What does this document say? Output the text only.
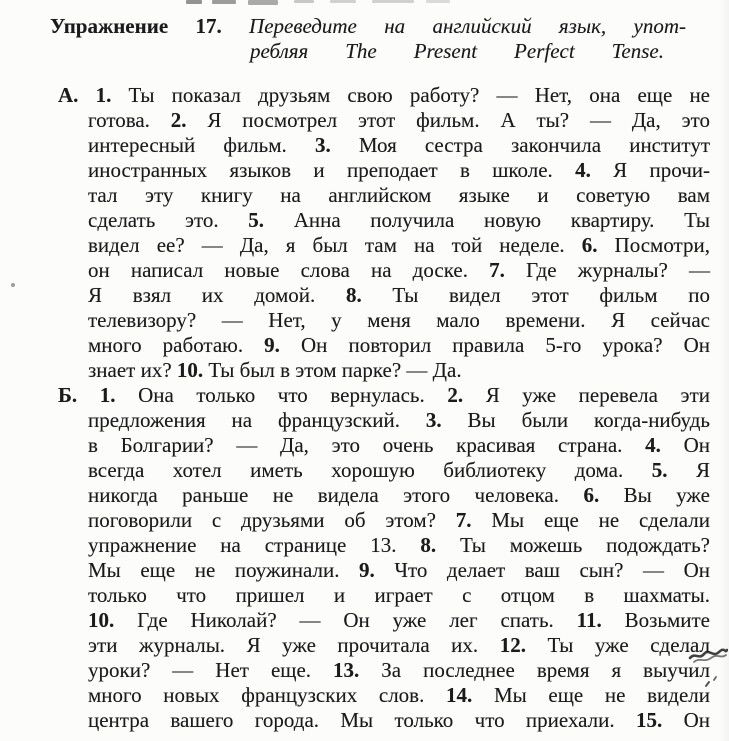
Упражнение 17. Переведите на английский язык, упот-
ребляя The Present Perfect Tense.
А. 1. Ты показал друзьям свою работу? — Нет, она еще не
готова. 2. Я посмотрел этот фильм. А ты? — Да, это
интересный фильм. 3. Моя сестра закончила институт
иностранных языков и преподает в школе. 4. Я прочи-
тал эту книгу на английском языке и советую вам
сделать это. 5. Анна получила новую квартиру. Ты
видел ее? — Да, я был там на той неделе. 6. Посмотри,
он написал новые слова на доске. 7. Где журналы? —
Я взял их домой. 8. Ты видел этот фильм по
телевизору? — Нет, у меня мало времени. Я сейчас
много работаю. 9. Он повторил правила 5-го урока? Он
знает их? 10. Ты был в этом парке? — Да.
Б. 1. Она только что вернулась. 2. Я уже перевела эти
предложения на французский. 3. Вы были когда-нибудь
в Болгарии? — Да, это очень красивая страна. 4. Он
всегда хотел иметь хорошую библиотеку дома. 5. Я
никогда раньше не видела этого человека. 6. Вы уже
поговорили с друзьями об этом? 7. Мы еще не сделали
упражнение на странице 13. 8. Ты можешь подождать?
Мы еще не поужинали. 9. Что делает ваш сын? — Он
только что пришел и играет с отцом в шахматы.
10. Где Николай? — Он уже лег спать. 11. Возьмите
эти журналы. Я уже прочитала их. 12. Ты уже сделал
уроки? — Нет еще. 13. За последнее время я выучил
много новых французских слов. 14. Мы еще не видели
центра вашего города. Мы только что приехали. 15. Он
